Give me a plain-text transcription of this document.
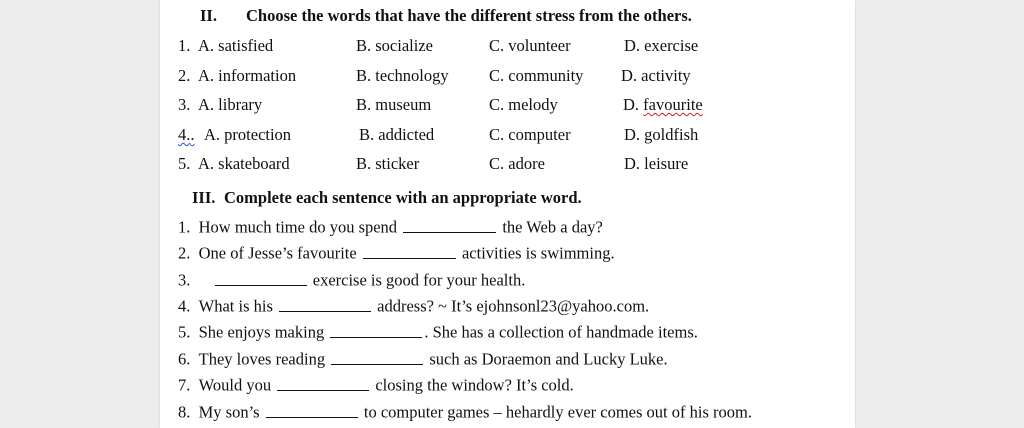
II. Choose the words that have the different stress from the others.
1. A. satisfied	B. socialize	C. volunteer	D. exercise
2. A. information	B. technology C. community D. activity
3. A. library	B. museum	C. melody	D. favourite
4.. A. protection	B. addicted	C. computer	D. goldfish
5. A. skateboard	B. sticker	C. adore	D. leisure
III. Complete each sentence with an appropriate word.
1. How much time do you spend	the Web a day?
2. One of Jesse’s favourite	activities is swimming.
3.	exercise is good for your health.
4. What is his	address? ~ It’s ejohnsonl23@yahoo.com.
5. She enjoys making	. She has a collection of handmade items.
6. They loves reading	such as Doraemon and Lucky Luke.
7. Would you	closing the window? It’s cold.
8. My son’s	to computer games – hehardly ever comes out of his room.
